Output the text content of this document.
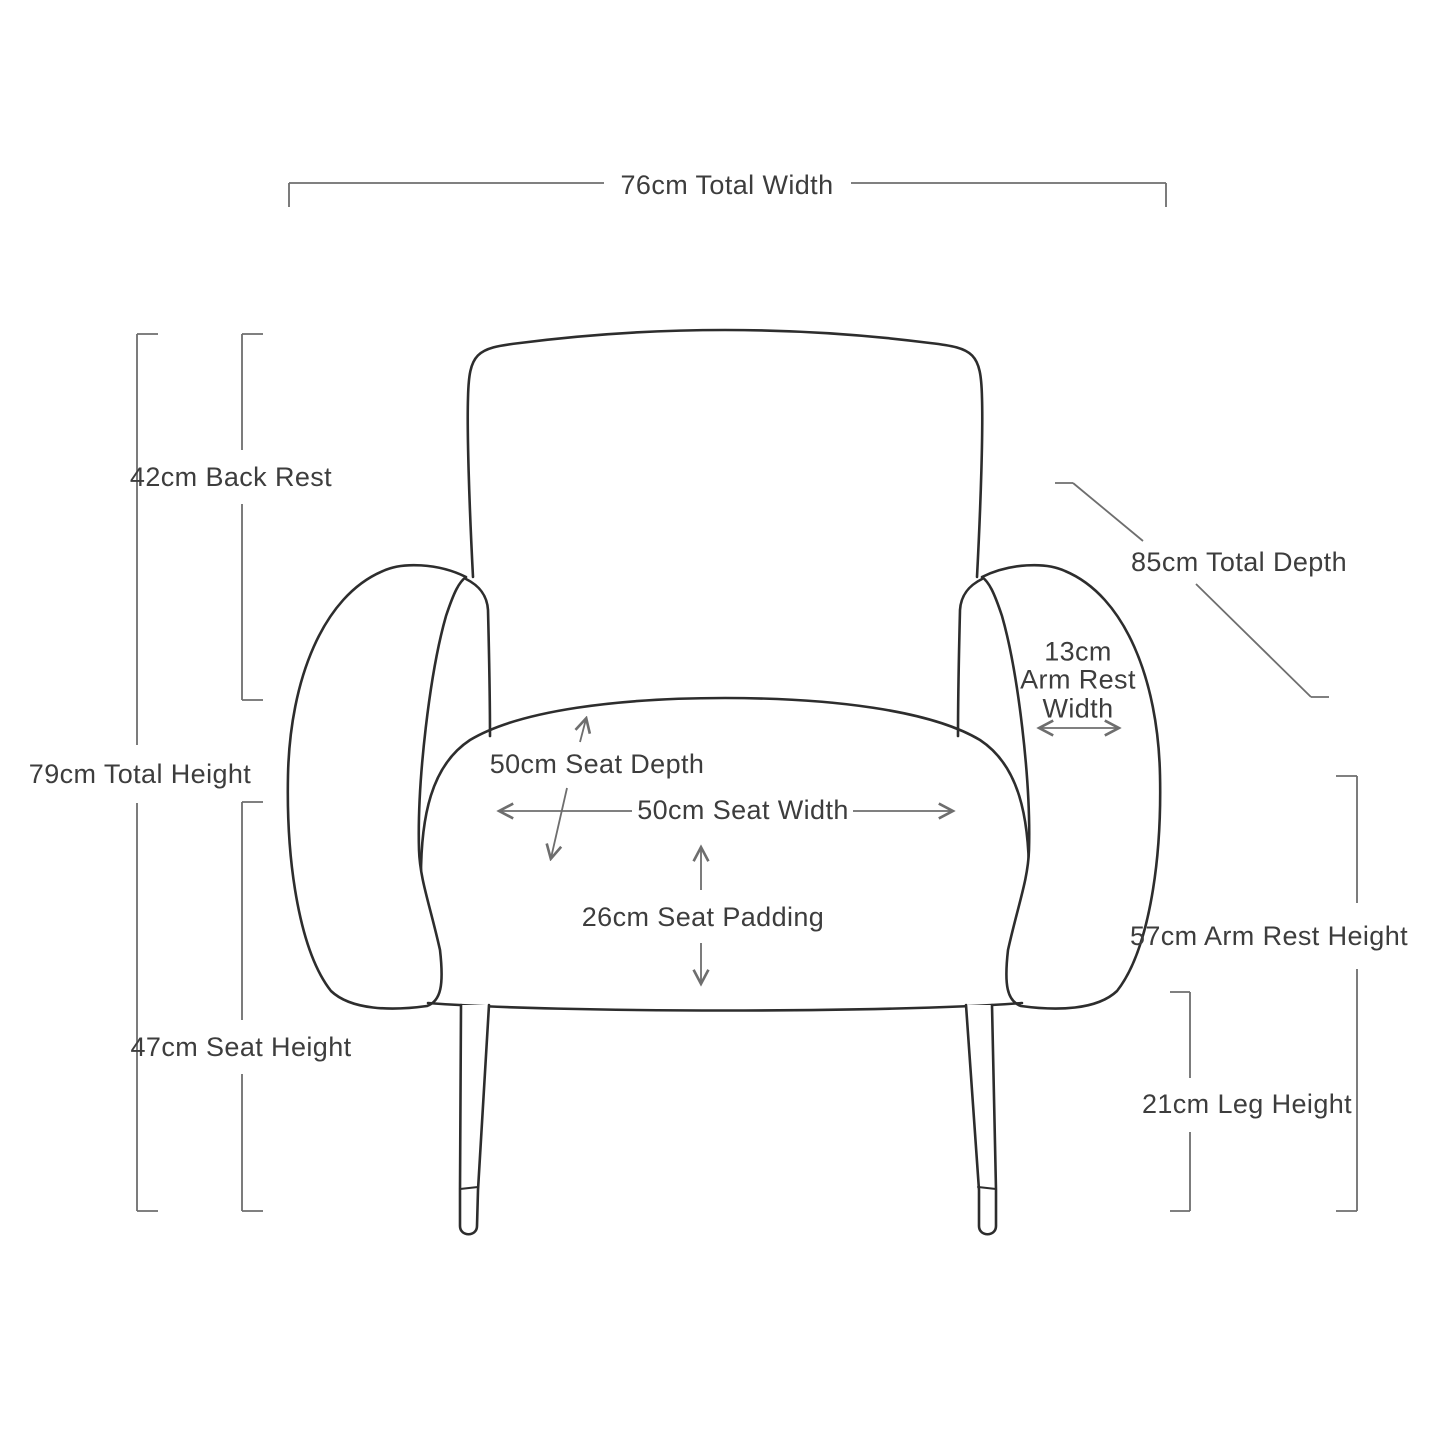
76cm Total Width
42cm Back Rest
79cm Total Height
47cm Seat Height
85cm Total Depth
50cm Seat Depth
50cm Seat Width
26cm Seat Padding
57cm Arm Rest Height
21cm Leg Height
13cm
Arm Rest
Width
